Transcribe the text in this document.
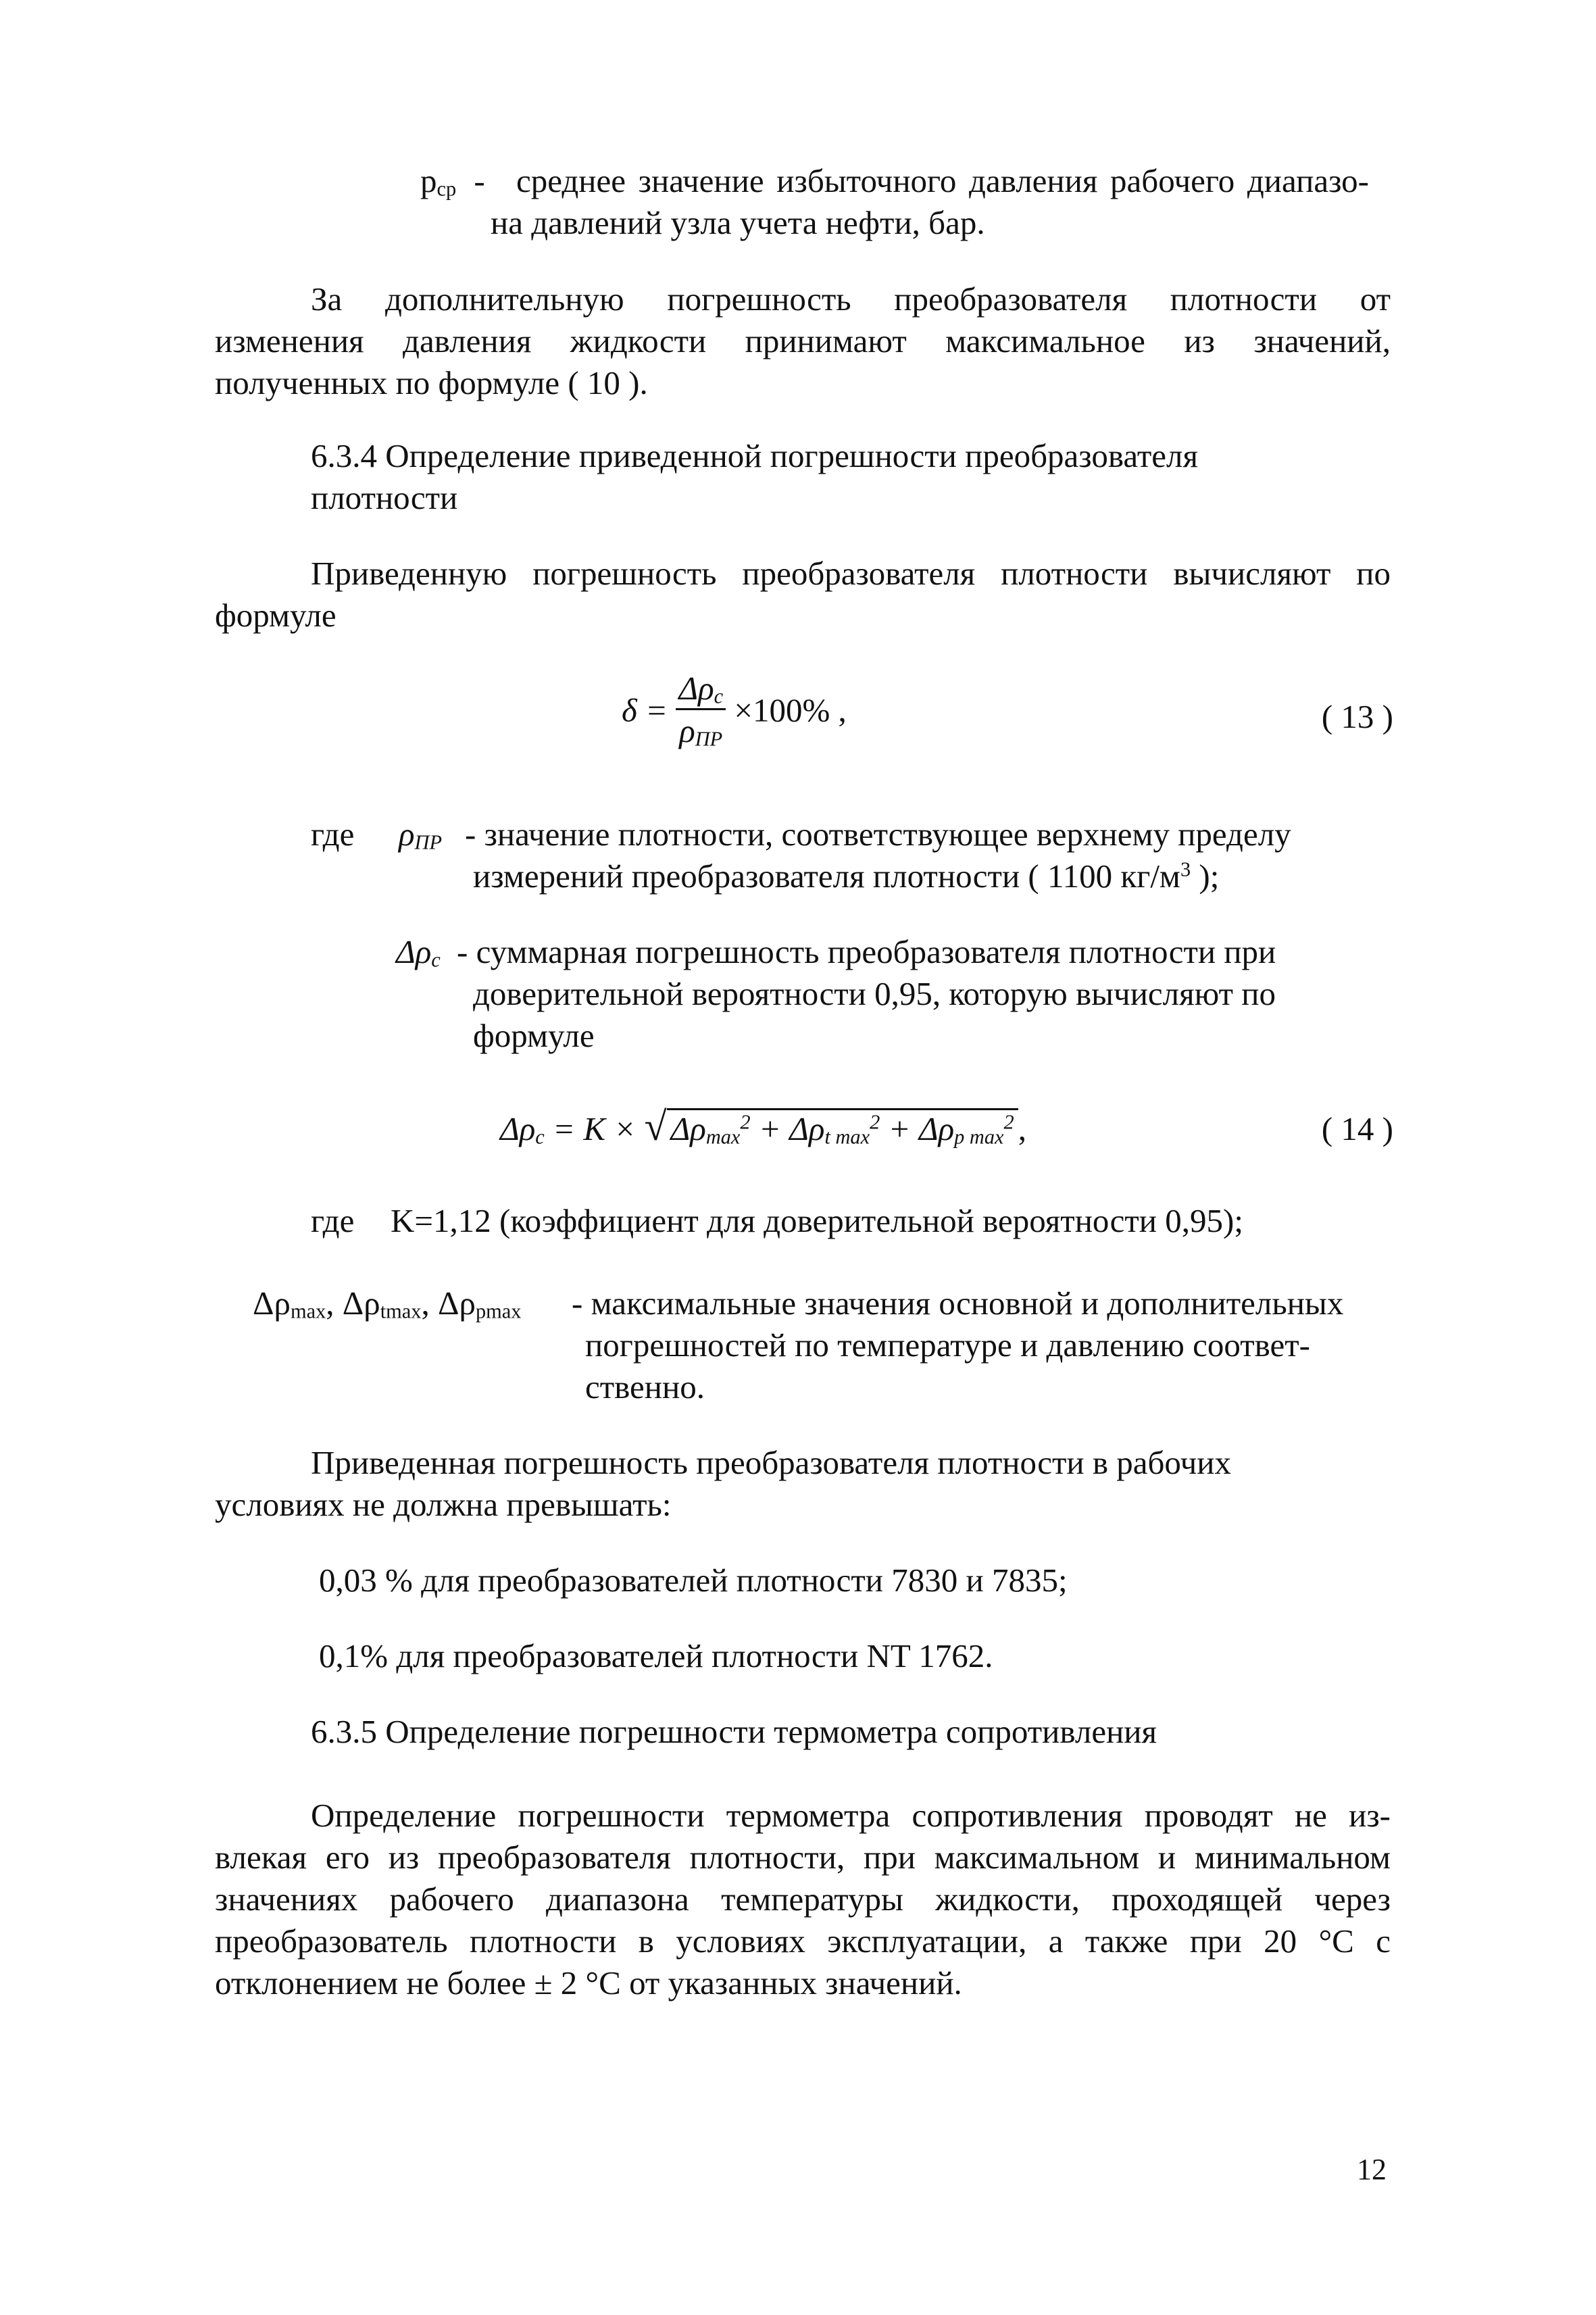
pср - среднее значение избыточного давления рабочего диапазо-
на давлений узла учета нефти, бар.
За дополнительную погрешность преобразователя плотности от
изменения давления жидкости принимают максимальное из значений,
полученных по формуле ( 10 ).
6.3.4 Определение приведенной погрешности преобразователя
плотности
Приведенную погрешность преобразователя плотности вычисляют по
формуле
$\delta = \frac{\text{Δρc}}{\text{ρПР}} \times 100\%$ ,	( 13 )
где ρПР - значение плотности, соответствующее верхнему пределу
измерений преобразователя плотности ( 1100 $кг/м^3$ );
Δρc - суммарная погрешность преобразователя плотности при
доверительной вероятности 0,95, которую вычисляют по
формуле
Δρc = K × √ Δρmax$^2$ + Δρt $\max^2 + \Delta\rho p$ $\max^2$ ,	( 14 )
где K=1,12 (коэффициент для доверительной вероятности 0,95);
Δρmax, Δρtmax, Δρpmax - максимальные значения основной и дополнительных
погрешностей по температуре и давлению соответ-
ственно.
Приведенная погрешность преобразователя плотности в рабочих
условиях не должна превышать:
0,03 % для преобразователей плотности 7830 и 7835;
0,1% для преобразователей плотности NT 1762.
6.3.5 Определение погрешности термометра сопротивления
Определение погрешности термометра сопротивления проводят не из-
влекая его из преобразователя плотности, при максимальном и минимальном
значениях рабочего диапазона температуры жидкости, проходящей через
преобразователь плотности в условиях эксплуатации, а также при 20 °С с
отклонением не более ± 2 °С от указанных значений.
12
